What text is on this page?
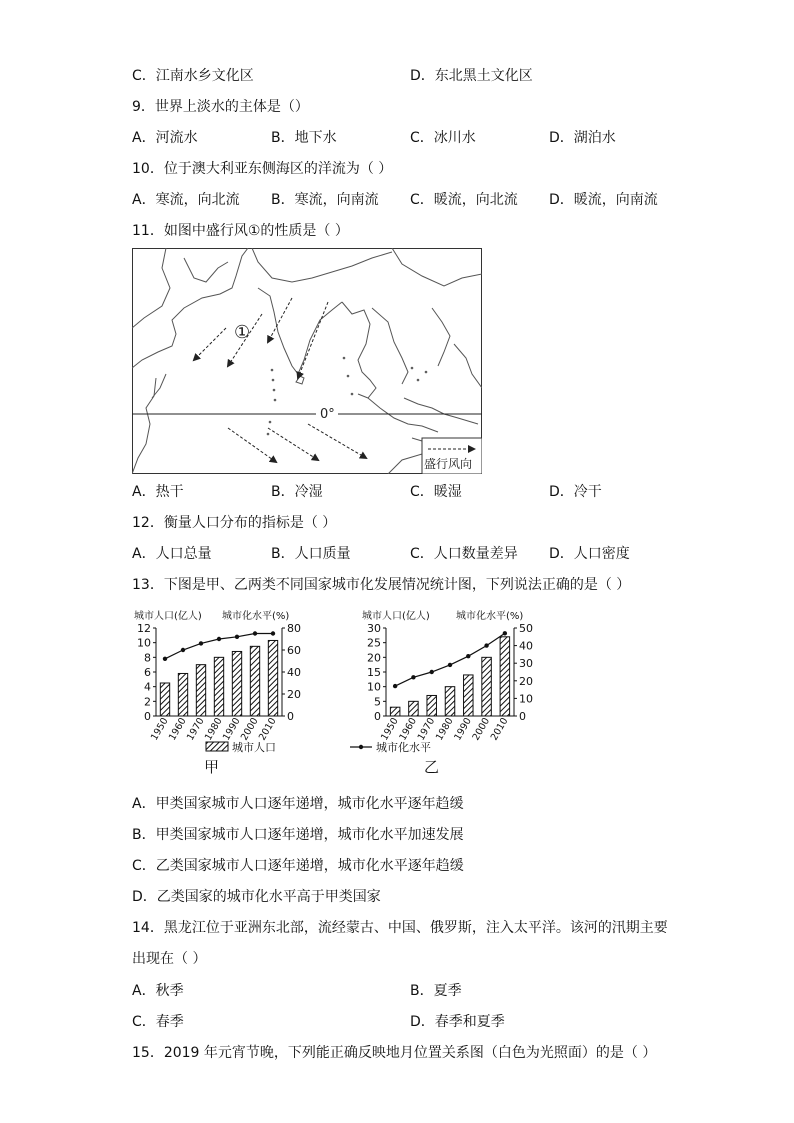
C．江南水乡文化区	D．东北黑土文化区
9．世界上淡水的主体是（）
A．河流水	B．地下水	C．冰川水	D．湖泊水
10．位于澳大利亚东侧海区的洋流为（ ）
A．寒流，向北流 B．寒流，向南流 C．暖流，向北流 D．暖流，向南流
11．如图中盛行风①的性质是（ ）
0°
①
盛行风向
A．热干	B．冷湿	C．暖湿	D．冷干
12．衡量人口分布的指标是（ ）
A．人口总量	B．人口质量	C．人口数量差异 D．人口密度
13．下图是甲、乙两类不同国家城市化发展情况统计图，下列说法正确的是（ ）
城市人口(亿人) 城市化水平(%)
0
2
4
6
8
10
12
0
20
40
60
80
1950
1960
1970
1980
1990
2000
2010
城市人口(亿人)	城市化水平(%)
0
5
10
15
20
25
30
0
10
20
30
40
50
1950
1960
1970
1980
1990
2000
2010
城市人口	城市化水平
甲	乙
A．甲类国家城市人口逐年递增，城市化水平逐年趋缓
B．甲类国家城市人口逐年递增，城市化水平加速发展
C．乙类国家城市人口逐年递增，城市化水平逐年趋缓
D．乙类国家的城市化水平高于甲类国家
14．黑龙江位于亚洲东北部，流经蒙古、中国、俄罗斯，注入太平洋。该河的汛期主要
出现在（ ）
A．秋季	B．夏季
C．春季	D．春季和夏季
15．2019 年元宵节晚，下列能正确反映地月位置关系图（白色为光照面）的是（ ）
